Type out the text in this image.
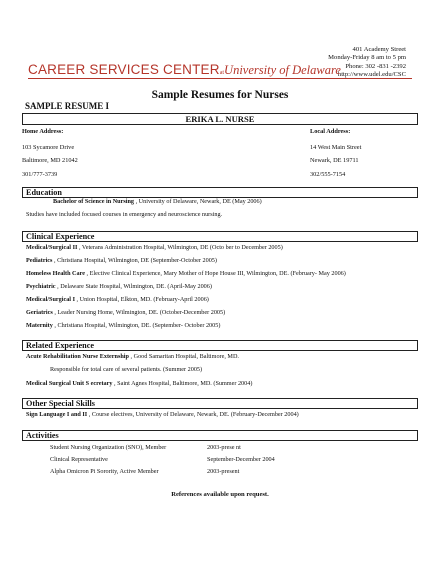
401 Academy Street
Monday-Friday 8 am to 5 pm
Phone: 302 -831 -2392
http://www.udel.edu/CSC
CAREER SERVICES CENTERatUniversity of Delaware
Sample Resumes for Nurses
SAMPLE RESUME I
ERIKA L. NURSE
Home Address:
103 Sycamore Drive
Baltimore, MD 21042
301/777-3739
Local Address:
14 West Main Street
Newark, DE 19711
302/555-7154
Education
Bachelor of Science in Nursing , University of Delaware, Newark, DE (May 2006)
Studies have included focused courses in emergency and neuroscience nursing.
Clinical Experience
Medical/Surgical II , Veterans Administration Hospital, Wilmington, DE (Octo ber to December 2005)
Pediatrics , Christiana Hospital, Wilmington, DE (September-October 2005)
Homeless Health Care , Elective Clinical Experience, Mary Mother of Hope House III, Wilmington, DE. (February- May 2006)
Psychiatric , Delaware State Hospital, Wilmington, DE. (April-May 2006)
Medical/Surgical I , Union Hospital, Elkton, MD. (February-April 2006)
Geriatrics , Leader Nursing Home, Wilmington, DE. (October-December 2005)
Maternity , Christiana Hospital, Wilmington, DE. (September- October 2005)
Related Experience
Acute Rehabilitation Nurse Externship , Good Samaritan Hospital, Baltimore, MD.
Responsible for total care of several patients. (Summer 2005)
Medical Surgical Unit S ecretary , Saint Agnes Hospital, Baltimore, MD. (Summer 2004)
Other Special Skills
Sign Language I and II , Course electives, University of Delaware, Newark, DE. (February-December 2004)
Activities
Student Nursing Organization (SNO), Member	2003-prese nt
Clinical Representative	September-December 2004
Alpha Omicron Pi Sorority, Active Member	2003-present
References available upon request.
